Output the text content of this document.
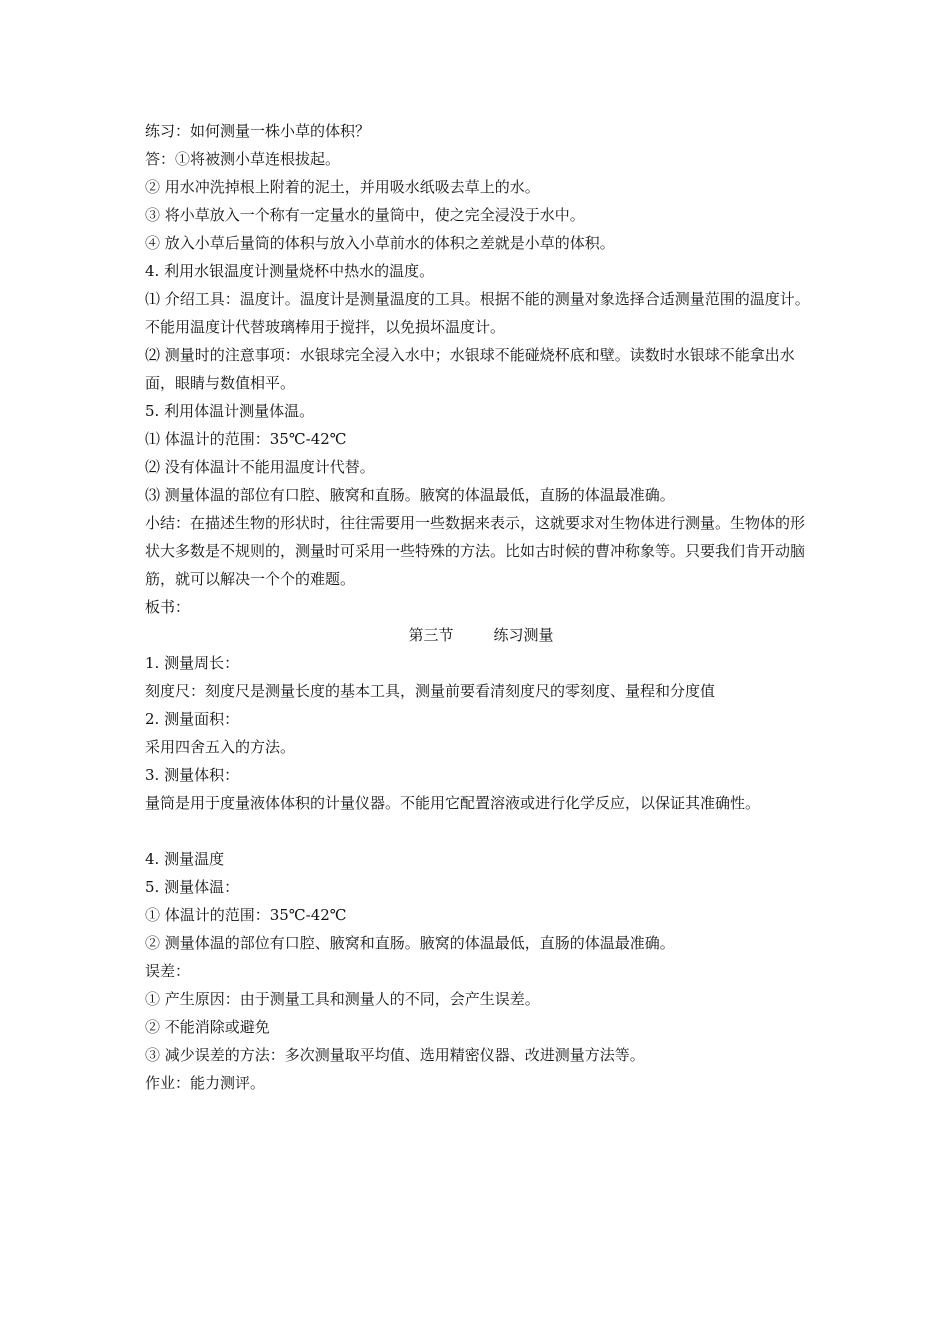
练习：如何测量一株小草的体积？

答：①将被测小草连根拔起。

② 用水冲洗掉根上附着的泥土，并用吸水纸吸去草上的水。

③ 将小草放入一个称有一定量水的量筒中，使之完全浸没于水中。

④ 放入小草后量筒的体积与放入小草前水的体积之差就是小草的体积。

4. 利用水银温度计测量烧杯中热水的温度。

⑴ 介绍工具：温度计。温度计是测量温度的工具。根据不能的测量对象选择合适测量范围的温度计。不能用温度计代替玻璃棒用于搅拌，以免损坏温度计。

⑵ 测量时的注意事项：水银球完全浸入水中；水银球不能碰烧杯底和壁。读数时水银球不能拿出水面，眼睛与数值相平。

5. 利用体温计测量体温。

⑴ 体温计的范围：35℃-42℃

⑵ 没有体温计不能用温度计代替。

⑶ 测量体温的部位有口腔、腋窝和直肠。腋窝的体温最低，直肠的体温最准确。

小结：在描述生物的形状时，往往需要用一些数据来表示，这就要求对生物体进行测量。生物体的形状大多数是不规则的，测量时可采用一些特殊的方法。比如古时候的曹冲称象等。只要我们肯开动脑筋，就可以解决一个个的难题。

板书：

第三节	练习测量

1. 测量周长：

刻度尺：刻度尺是测量长度的基本工具，测量前要看清刻度尺的零刻度、量程和分度值

2. 测量面积：

采用四舍五入的方法。

3. 测量体积：

量筒是用于度量液体体积的计量仪器。不能用它配置溶液或进行化学反应，以保证其准确性。

4. 测量温度

5. 测量体温：

① 体温计的范围：35℃-42℃

② 测量体温的部位有口腔、腋窝和直肠。腋窝的体温最低，直肠的体温最准确。

误差：

① 产生原因：由于测量工具和测量人的不同，会产生误差。

② 不能消除或避免

③ 减少误差的方法：多次测量取平均值、选用精密仪器、改进测量方法等。

作业：能力测评。
